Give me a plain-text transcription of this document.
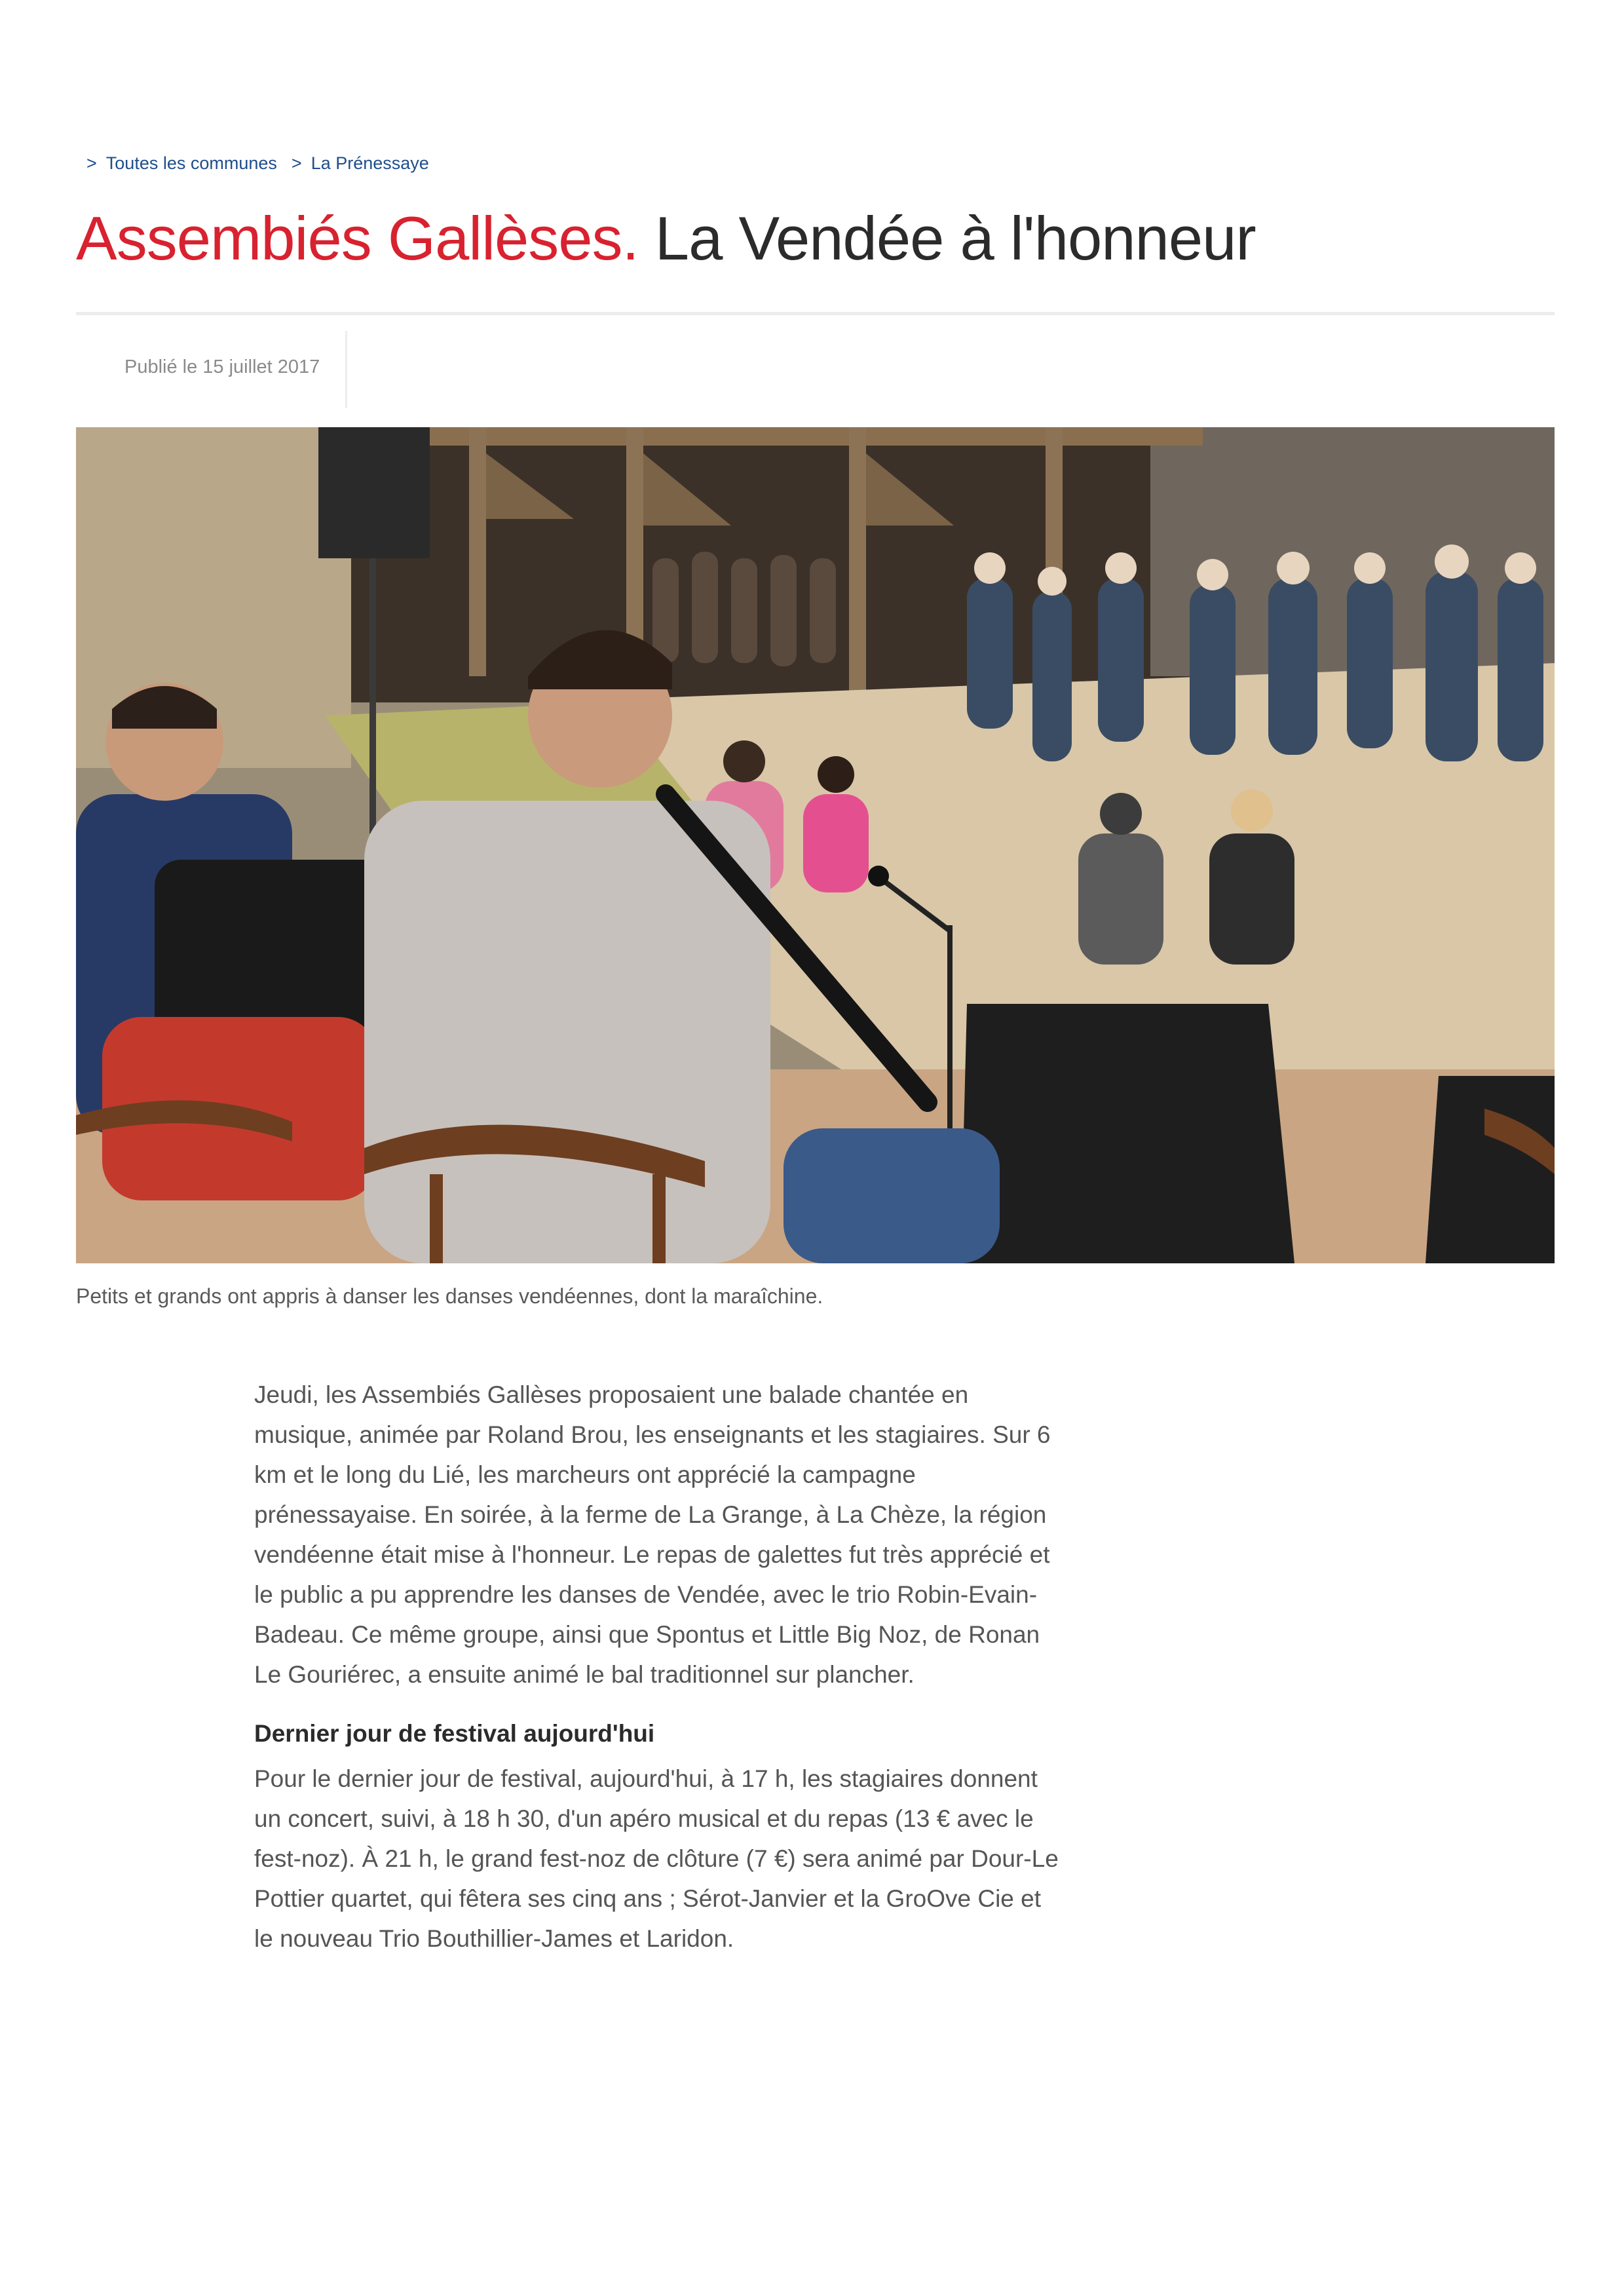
> Toutes les communes > La Prénessaye
Assembiés Gallèses. La Vendée à l'honneur
Publié le 15 juillet 2017
Petits et grands ont appris à danser les danses vendéennes, dont la maraîchine.

Jeudi, les Assembiés Gallèses proposaient une balade chantée en musique, animée par Roland Brou, les enseignants et les stagiaires. Sur 6 km et le long du Lié, les marcheurs ont apprécié la campagne prénessayaise. En soirée, à la ferme de La Grange, à La Chèze, la région vendéenne était mise à l'honneur. Le repas de galettes fut très apprécié et le public a pu apprendre les danses de Vendée, avec le trio Robin-Evain-Badeau. Ce même groupe, ainsi que Spontus et Little Big Noz, de Ronan Le Gouriérec, a ensuite animé le bal traditionnel sur plancher.

Dernier jour de festival aujourd'hui

Pour le dernier jour de festival, aujourd'hui, à 17 h, les stagiaires donnent un concert, suivi, à 18 h 30, d'un apéro musical et du repas (13 € avec le fest-noz). À 21 h, le grand fest-noz de clôture (7 €) sera animé par Dour-Le Pottier quartet, qui fêtera ses cinq ans ; Sérot-Janvier et la GroOve Cie et le nouveau Trio Bouthillier-James et Laridon.
